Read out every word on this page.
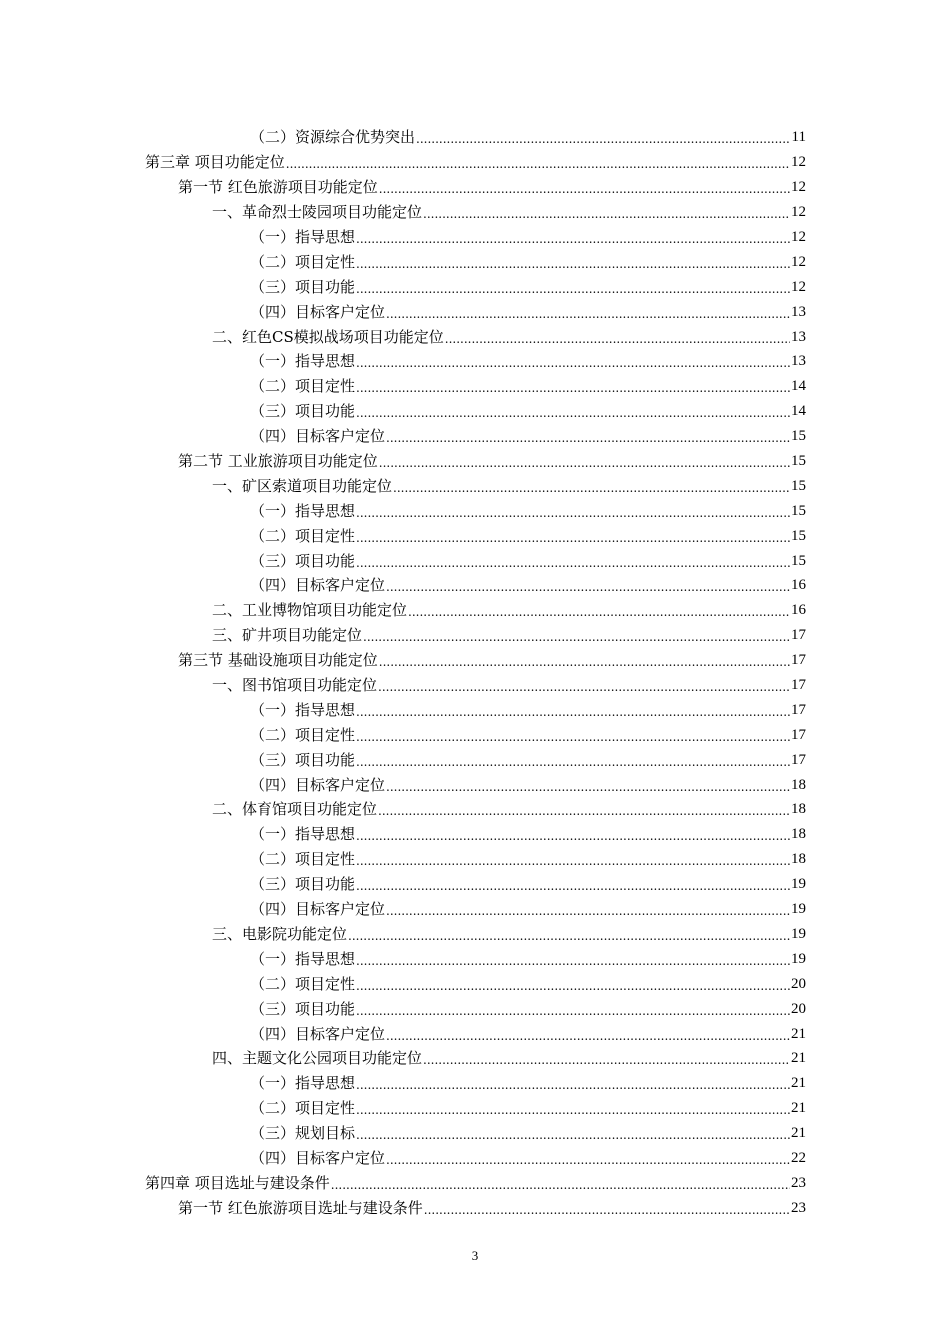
（二）资源综合优势突出 .....	11
第三章 项目功能定位 .....	12
第一节 红色旅游项目功能定位 .....	12
一、革命烈士陵园项目功能定位 .....	12
（一）指导思想 .....	12
（二）项目定性 .....	12
（三）项目功能 .....	12
（四）目标客户定位 .....	13
二、红色CS模拟战场项目功能定位 .....	13
（一）指导思想 .....	13
（二）项目定性 .....	14
（三）项目功能 .....	14
（四）目标客户定位 .....	15
第二节 工业旅游项目功能定位 .....	15
一、矿区索道项目功能定位 .....	15
（一）指导思想 .....	15
（二）项目定性 .....	15
（三）项目功能 .....	15
（四）目标客户定位 .....	16
二、工业博物馆项目功能定位 .....	16
三、矿井项目功能定位 .....	17
第三节 基础设施项目功能定位 .....	17
一、图书馆项目功能定位 .....	17
（一）指导思想 .....	17
（二）项目定性 .....	17
（三）项目功能 .....	17
（四）目标客户定位 .....	18
二、体育馆项目功能定位 .....	18
（一）指导思想 .....	18
（二）项目定性 .....	18
（三）项目功能 .....	19
（四）目标客户定位 .....	19
三、电影院功能定位 .....	19
（一）指导思想 .....	19
（二）项目定性 .....	20
（三）项目功能 .....	20
（四）目标客户定位 .....	21
四、主题文化公园项目功能定位 .....	21
（一）指导思想 .....	21
（二）项目定性 .....	21
（三）规划目标 .....	21
（四）目标客户定位 .....	22
第四章 项目选址与建设条件 .....	23
第一节 红色旅游项目选址与建设条件 .....	23
3
